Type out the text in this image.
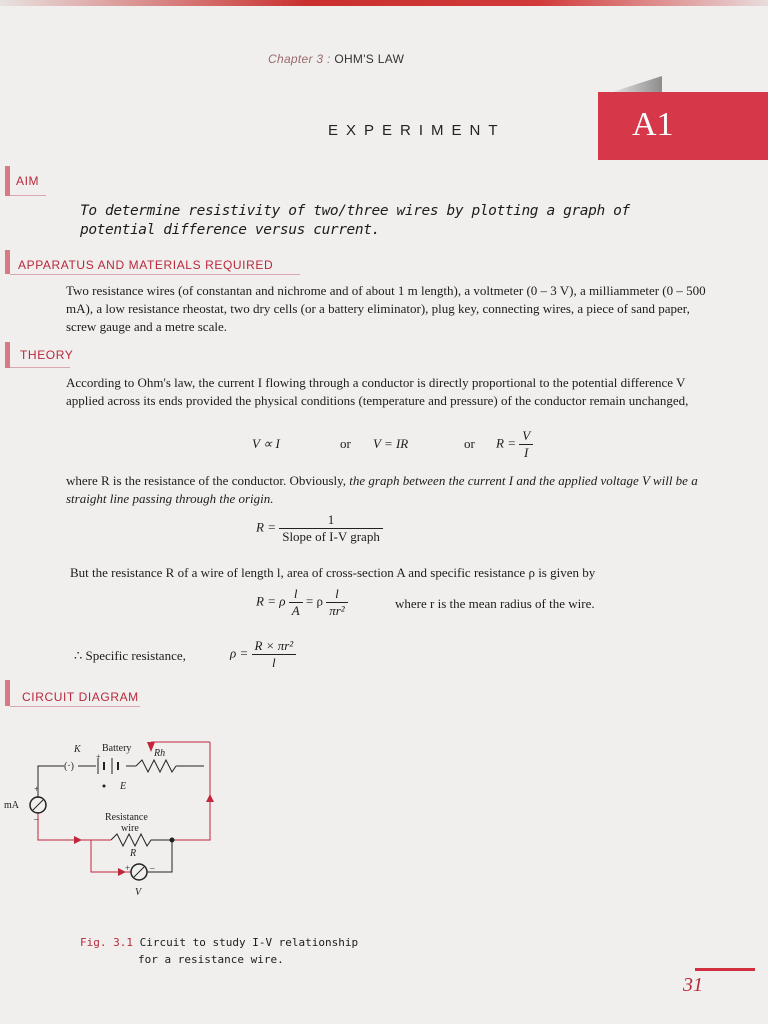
Chapter 3 : OHM'S LAW
EXPERIMENT	A1
AIM
To determine resistivity of two/three wires by plotting a graph of potential difference versus current.
APPARATUS AND MATERIALS REQUIRED
Two resistance wires (of constantan and nichrome and of about 1 m length), a voltmeter (0 – 3 V), a milliammeter (0 – 500 mA), a low resistance rheostat, two dry cells (or a battery eliminator), plug key, connecting wires, a piece of sand paper, screw gauge and a metre scale.
THEORY
According to Ohm's law, the current I flowing through a conductor is directly proportional to the potential difference V applied across its ends provided the physical conditions (temperature and pressure) of the conductor remain unchanged,
V ∝ I	or V = IR	or $R = \frac{V}{I}$
where R is the resistance of the conductor. Obviously, the graph between the current I and the applied voltage V will be a straight line passing through the origin.
$R = \frac{1}{\text{Slope of I-V graph}}$
But the resistance R of a wire of length l, area of cross-section A and specific resistance ρ is given by
R = ρ $\frac{l}{A} = \rho \frac{l}{\text{πr²}}$	where r is the mean radius of the wire.
∴ Specific resistance,	$\rho = \frac{\text{R × πr²}}{l}$
CIRCUIT DIAGRAM
K Battery Rh
(·)
+
E
mA
+
–	Resistance
wire
R
+ –
V
Fig. 3.1 Circuit to study I-V relationship
for a resistance wire.
31
